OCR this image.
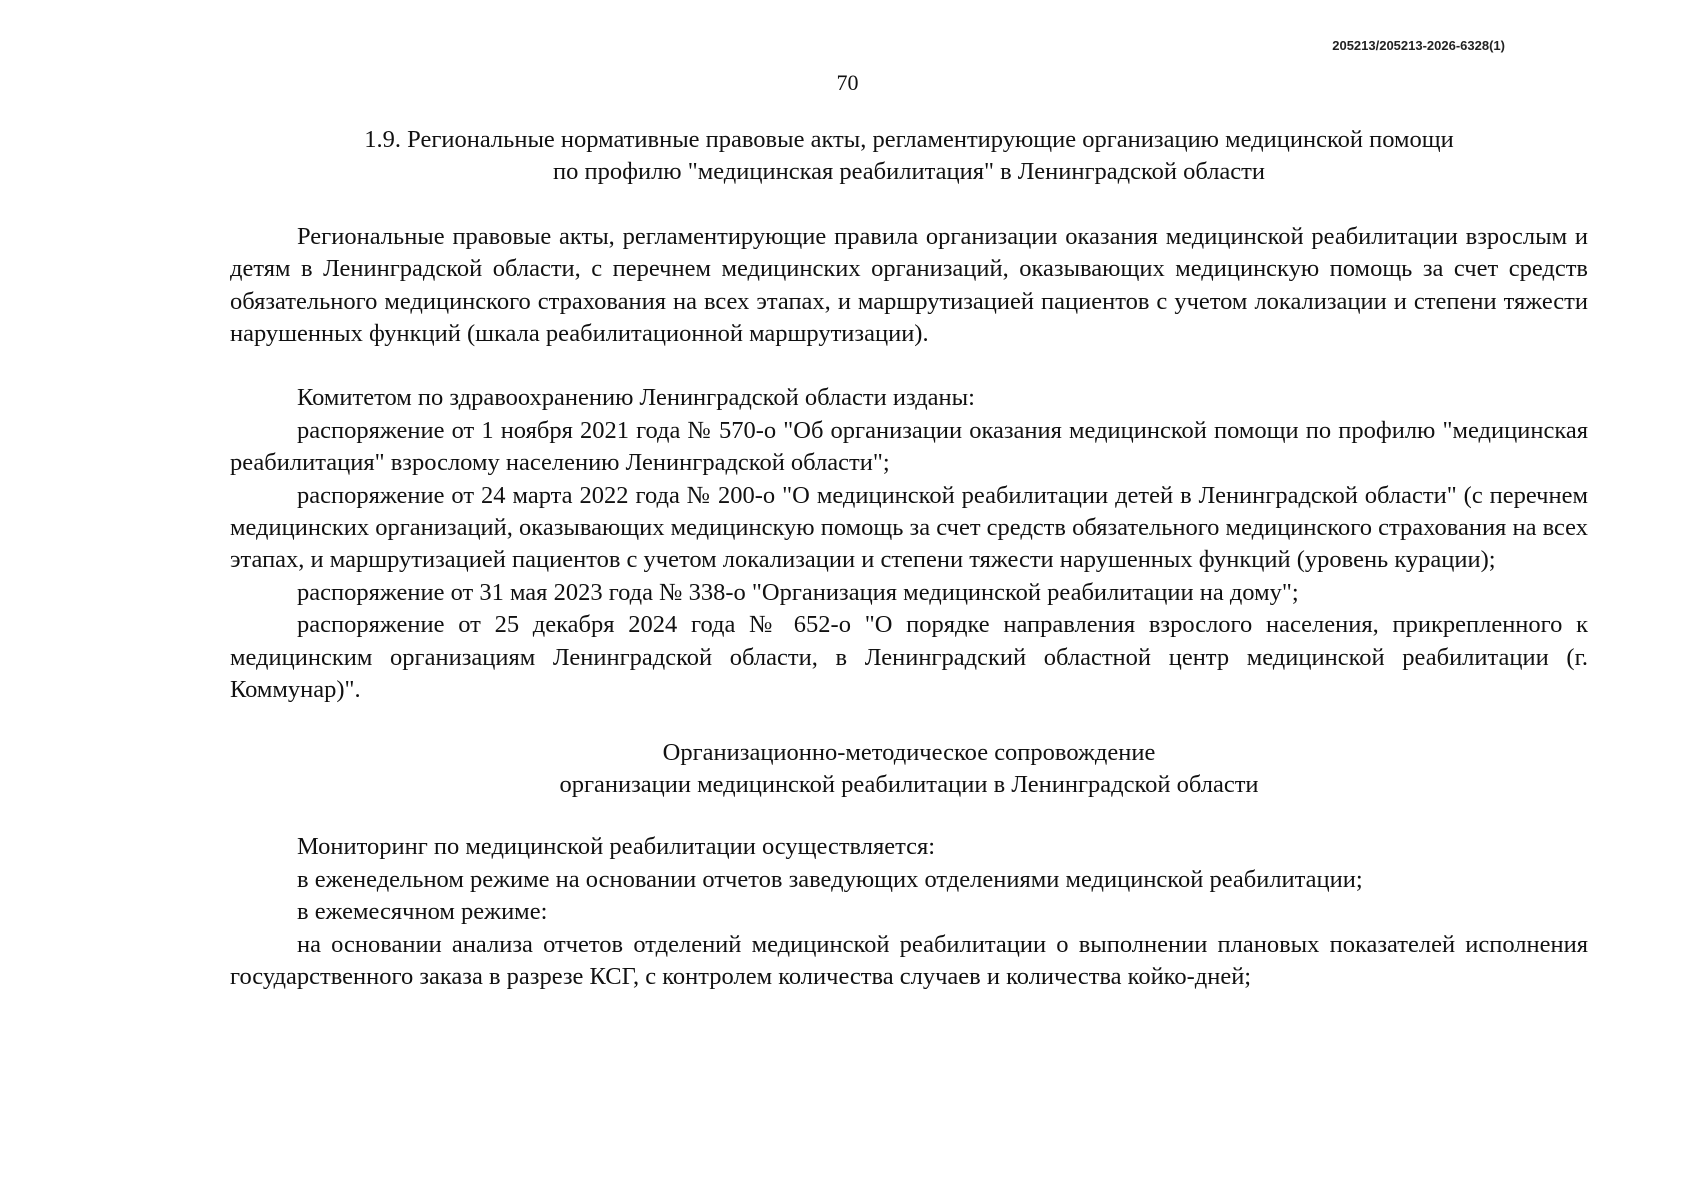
205213/205213-2026-6328(1)
70
1.9. Региональные нормативные правовые акты, регламентирующие организацию медицинской помощи
по профилю "медицинская реабилитация" в Ленинградской области

Региональные правовые акты, регламентирующие правила организации оказания медицинской реабилитации взрослым и детям в Ленинградской области, с перечнем медицинских организаций, оказывающих медицинскую помощь за счет средств обязательного медицинского страхования на всех этапах, и маршрутизацией пациентов с учетом локализации и степени тяжести нарушенных функций (шкала реабилитационной маршрутизации).

Комитетом по здравоохранению Ленинградской области изданы:

распоряжение от 1 ноября 2021 года № 570-о "Об организации оказания медицинской помощи по профилю "медицинская реабилитация" взрослому населению Ленинградской области";

распоряжение от 24 марта 2022 года № 200-о "О медицинской реабилитации детей в Ленинградской области" (с перечнем медицинских организаций, оказывающих медицинскую помощь за счет средств обязательного медицинского страхования на всех этапах, и маршрутизацией пациентов с учетом локализации и степени тяжести нарушенных функций (уровень курации);

распоряжение от 31 мая 2023 года № 338-о "Организация медицинской реабилитации на дому";

распоряжение от 25 декабря 2024 года № 652-о "О порядке направления взрослого населения, прикрепленного к медицинским организациям Ленинградской области, в Ленинградский областной центр медицинской реабилитации (г. Коммунар)".

Организационно-методическое сопровождение
организации медицинской реабилитации в Ленинградской области

Мониторинг по медицинской реабилитации осуществляется:

в еженедельном режиме на основании отчетов заведующих отделениями медицинской реабилитации;

в ежемесячном режиме:

на основании анализа отчетов отделений медицинской реабилитации о выполнении плановых показателей исполнения государственного заказа в разрезе КСГ, с контролем количества случаев и количества койко-дней;
